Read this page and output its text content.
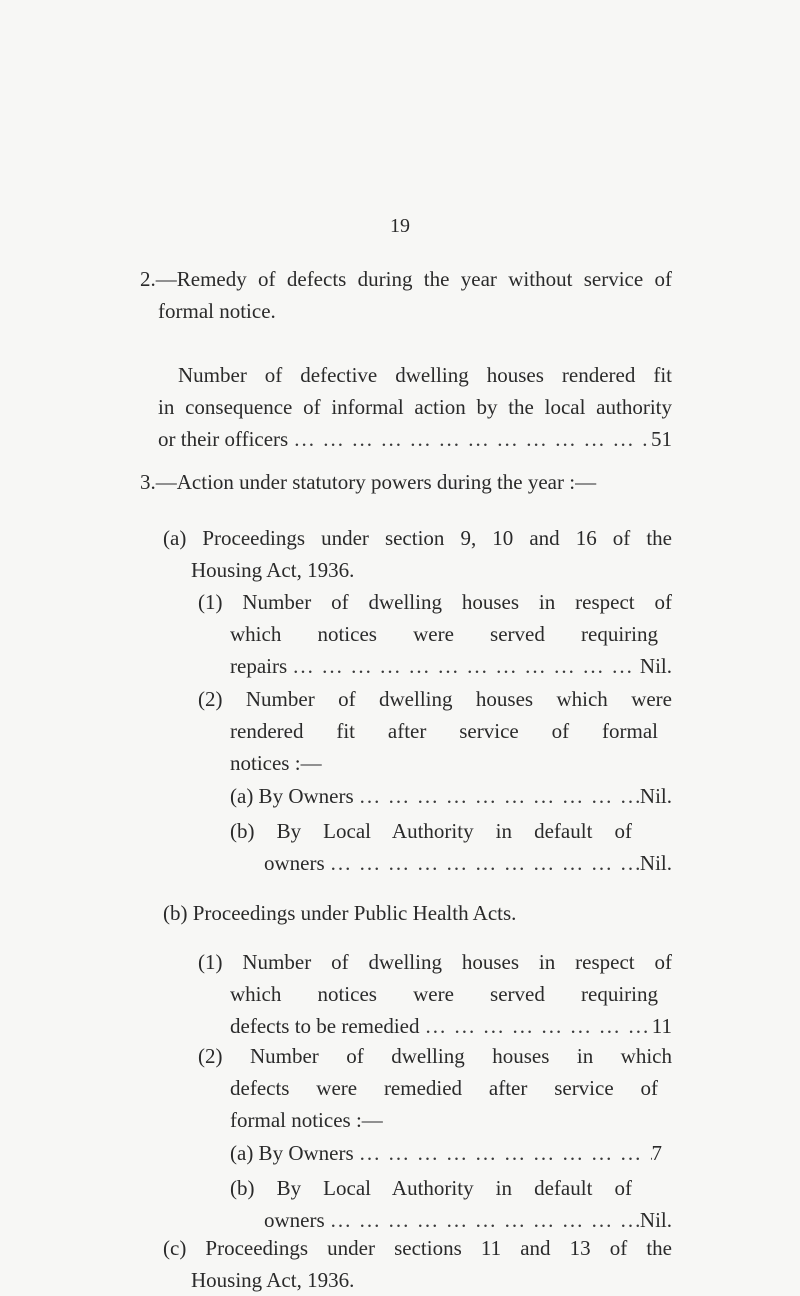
19

2.—Remedy of defects during the year without service of

formal notice.

Number of defective dwelling houses rendered fit

in consequence of informal action by the local authority

or their officers ... .	51

3.—Action under statutory powers during the year :—

(a) Proceedings under section 9, 10 and 16 of the

Housing Act, 1936.

(1) Number of dwelling houses in respect of

which notices were served requiring

repairs ... .	Nil.

(2) Number of dwelling houses which were

rendered fit after service of formal

notices :—

(a) By Owners ... .	Nil.

(b) By Local Authority in default of

owners ... .	Nil.

(b) Proceedings under Public Health Acts.

(1) Number of dwelling houses in respect of

which notices were served requiring

defects to be remedied ... .	11

(2) Number of dwelling houses in which

defects were remedied after service of

formal notices :—

(a) By Owners ... .	7

(b) By Local Authority in default of

owners ... .	Nil.

(c) Proceedings under sections 11 and 13 of the

Housing Act, 1936.
